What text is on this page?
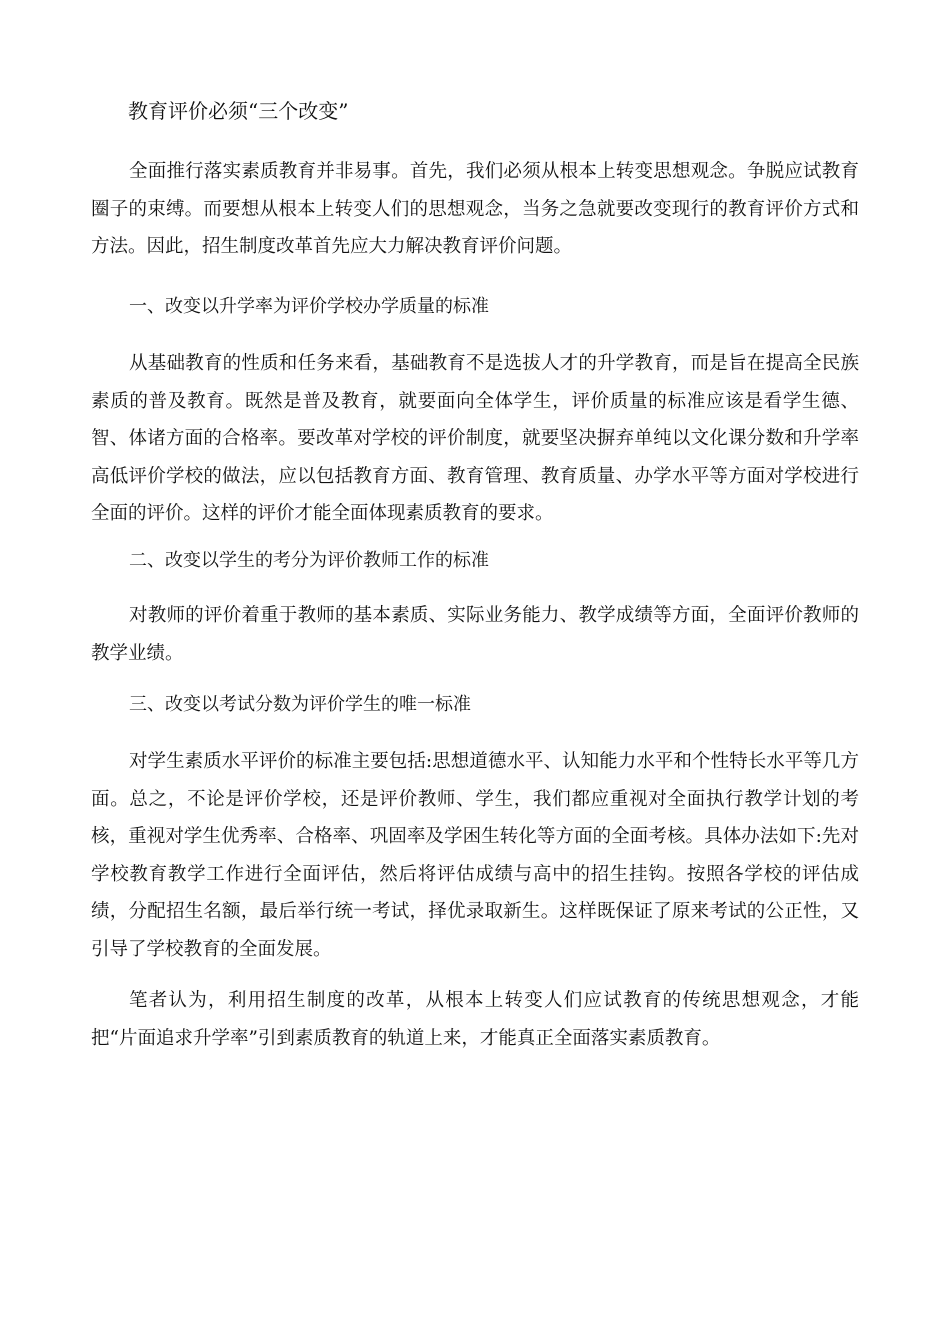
教育评价必须“三个改变”

全面推行落实素质教育并非易事。首先，我们必须从根本上转变思想观念。争脱应试教育圈子的束缚。而要想从根本上转变人们的思想观念，当务之急就要改变现行的教育评价方式和方法。因此，招生制度改革首先应大力解决教育评价问题。

一、改变以升学率为评价学校办学质量的标准

从基础教育的性质和任务来看，基础教育不是选拔人才的升学教育，而是旨在提高全民族素质的普及教育。既然是普及教育，就要面向全体学生，评价质量的标准应该是看学生德、智、体诸方面的合格率。要改革对学校的评价制度，就要坚决摒弃单纯以文化课分数和升学率高低评价学校的做法，应以包括教育方面、教育管理、教育质量、办学水平等方面对学校进行全面的评价。这样的评价才能全面体现素质教育的要求。

二、改变以学生的考分为评价教师工作的标准

对教师的评价着重于教师的基本素质、实际业务能力、教学成绩等方面，全面评价教师的教学业绩。

三、改变以考试分数为评价学生的唯一标准

对学生素质水平评价的标准主要包括:思想道德水平、认知能力水平和个性特长水平等几方面。总之，不论是评价学校，还是评价教师、学生，我们都应重视对全面执行教学计划的考核，重视对学生优秀率、合格率、巩固率及学困生转化等方面的全面考核。具体办法如下:先对学校教育教学工作进行全面评估，然后将评估成绩与高中的招生挂钩。按照各学校的评估成绩，分配招生名额，最后举行统一考试，择优录取新生。这样既保证了原来考试的公正性，又引导了学校教育的全面发展。

笔者认为，利用招生制度的改革，从根本上转变人们应试教育的传统思想观念，才能把“片面追求升学率”引到素质教育的轨道上来，才能真正全面落实素质教育。
